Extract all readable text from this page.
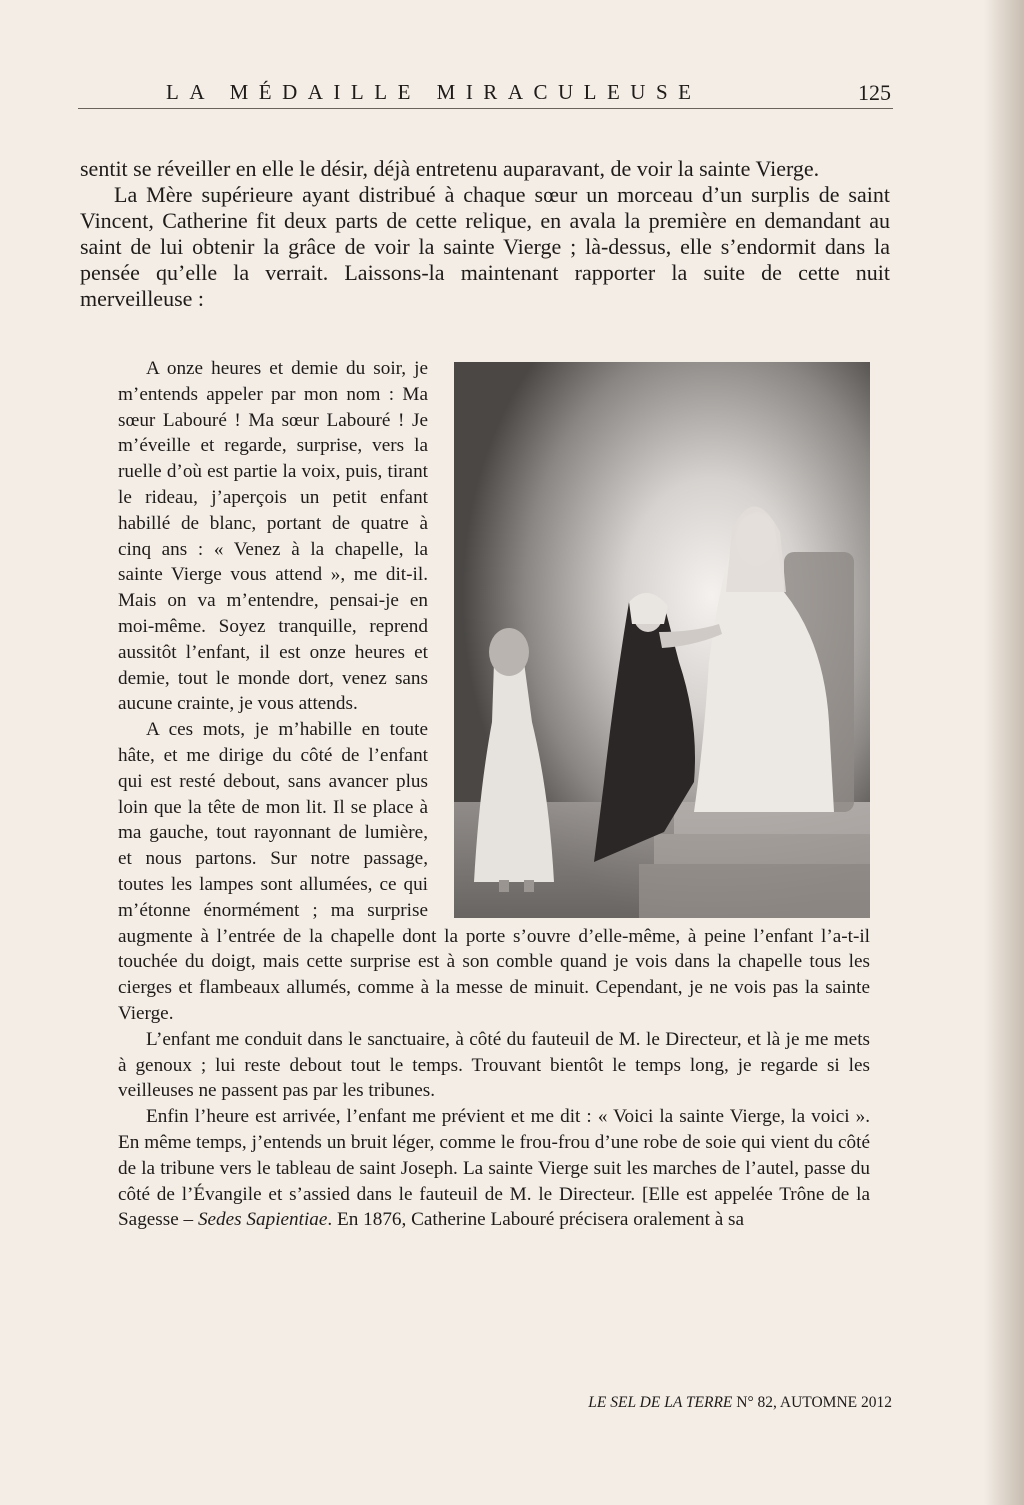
LA MÉDAILLE MIRACULEUSE	125

sentit se réveiller en elle le désir, déjà entretenu auparavant, de voir la sainte Vierge.

La Mère supérieure ayant distribué à chaque sœur un morceau d’un surplis de saint Vincent, Catherine fit deux parts de cette relique, en avala la première en demandant au saint de lui obtenir la grâce de voir la sainte Vierge ; là-dessus, elle s’endormit dans la pensée qu’elle la verrait. Laissons-la maintenant rapporter la suite de cette nuit merveilleuse :

A onze heures et demie du soir, je m’entends appeler par mon nom : Ma sœur Labouré ! Ma sœur Labouré ! Je m’éveille et regarde, surprise, vers la ruelle d’où est partie la voix, puis, tirant le rideau, j’aperçois un petit enfant habillé de blanc, portant de quatre à cinq ans : « Venez à la chapelle, la sainte Vierge vous attend », me dit-il. Mais on va m’entendre, pensai-je en moi-même. Soyez tranquille, reprend aussitôt l’enfant, il est onze heures et demie, tout le monde dort, venez sans aucune crainte, je vous attends.

A ces mots, je m’habille en toute hâte, et me dirige du côté de l’enfant qui est resté debout, sans avancer plus loin que la tête de mon lit. Il se place à ma gauche, tout rayonnant de lumière, et nous partons. Sur notre passage, toutes les lampes sont allumées, ce qui m’étonne énormément ; ma surprise augmente à l’entrée de la chapelle dont la porte s’ouvre d’elle-même, à peine l’enfant l’a-t-il touchée du doigt, mais cette surprise est à son comble quand je vois dans la chapelle tous les cierges et flambeaux allumés, comme à la messe de minuit. Cependant, je ne vois pas la sainte Vierge.

L’enfant me conduit dans le sanctuaire, à côté du fauteuil de M. le Directeur, et là je me mets à genoux ; lui reste debout tout le temps. Trouvant bientôt le temps long, je regarde si les veilleuses ne passent pas par les tribunes.

Enfin l’heure est arrivée, l’enfant me prévient et me dit : « Voici la sainte Vierge, la voici ». En même temps, j’entends un bruit léger, comme le frou-frou d’une robe de soie qui vient du côté de la tribune vers le tableau de saint Joseph. La sainte Vierge suit les marches de l’autel, passe du côté de l’Évangile et s’assied dans le fauteuil de M. le Directeur. [Elle est appelée Trône de la Sagesse – Sedes Sapientiae. En 1876, Catherine Labouré précisera oralement à sa

LE SEL DE LA TERRE N° 82, AUTOMNE 2012
